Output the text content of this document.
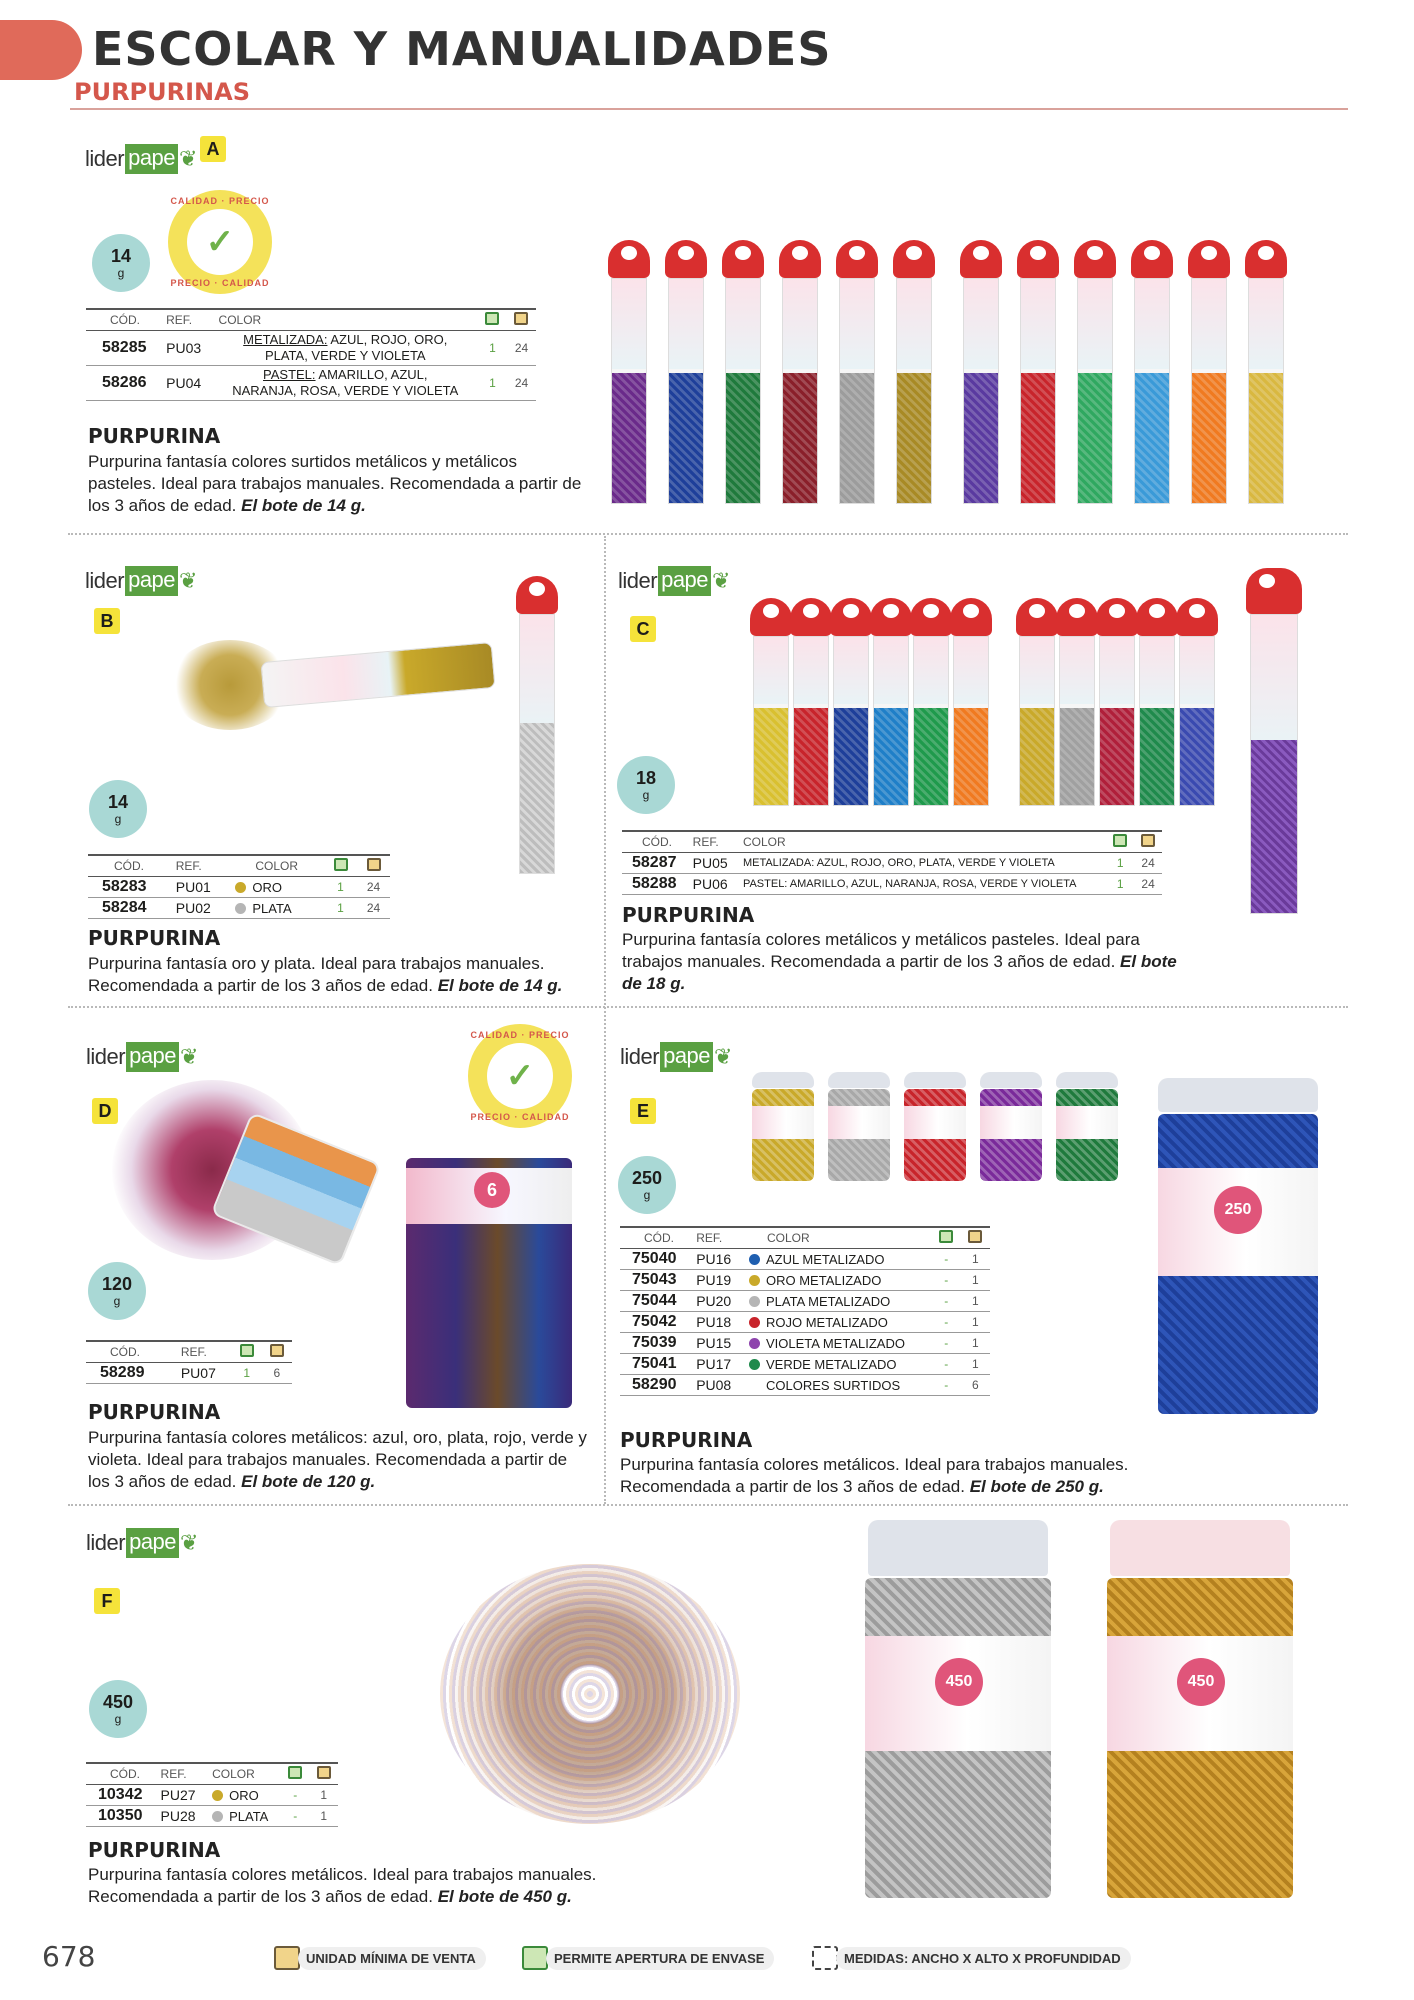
ESCOLAR Y MANUALIDADES
PURPURINAS
lider pape ❦ A
CALIDAD · PRECIO
✓
PRECIO · CALIDAD
14
g
CÓD.	REF.	COLOR		
58285	PU03	METALIZADA: AZUL, ROJO, ORO,
PLATA, VERDE Y VIOLETA	1	24
58286	PU04	PASTEL: AMARILLO, AZUL,
NARANJA, ROSA, VERDE Y VIOLETA	1	24
PURPURINA
Purpurina fantasía colores surtidos metálicos y metálicos pasteles. Ideal para trabajos manuales. Recomendada a partir de los 3 años de edad. El bote de 14 g.
lider pape ❦
B
14
g
CÓD.	REF.	COLOR		
58283	PU01	ORO	1	24
58284	PU02	PLATA	1	24
PURPURINA
Purpurina fantasía oro y plata. Ideal para trabajos manuales. Recomendada a partir de los 3 años de edad. El bote de 14 g.
lider pape ❦
C
18
g
CÓD.	REF.	COLOR		
58287	PU05	METALIZADA: AZUL, ROJO, ORO, PLATA, VERDE Y VIOLETA	1	24
58288	PU06	PASTEL: AMARILLO, AZUL, NARANJA, ROSA, VERDE Y VIOLETA	1	24
PURPURINA
Purpurina fantasía colores metálicos y metálicos pasteles. Ideal para trabajos manuales. Recomendada a partir de los 3 años de edad. El bote de 18 g.
lider pape ❦
D
CALIDAD · PRECIO
✓
PRECIO · CALIDAD
120
g
6
CÓD.	REF.		
58289	PU07	1	6
PURPURINA
Purpurina fantasía colores metálicos: azul, oro, plata, rojo, verde y violeta. Ideal para trabajos manuales. Recomendada a partir de los 3 años de edad. El bote de 120 g.
lider pape ❦
E
250
g
250
CÓD.	REF.	COLOR		
75040	PU16	AZUL METALIZADO	-	1
75043	PU19	ORO METALIZADO	-	1
75044	PU20	PLATA METALIZADO	-	1
75042	PU18	ROJO METALIZADO	-	1
75039	PU15	VIOLETA METALIZADO	-	1
75041	PU17	VERDE METALIZADO	-	1
58290	PU08	COLORES SURTIDOS	-	6
PURPURINA
Purpurina fantasía colores metálicos. Ideal para trabajos manuales. Recomendada a partir de los 3 años de edad. El bote de 250 g.
lider pape ❦
F
450
g
450	450
CÓD.	REF.	COLOR		
10342	PU27	ORO	-	1
10350	PU28	PLATA	-	1
PURPURINA
Purpurina fantasía colores metálicos. Ideal para trabajos manuales. Recomendada a partir de los 3 años de edad. El bote de 450 g.
678	UNIDAD MÍNIMA DE VENTA	PERMITE APERTURA DE ENVASE	MEDIDAS: ANCHO X ALTO X PROFUNDIDAD
